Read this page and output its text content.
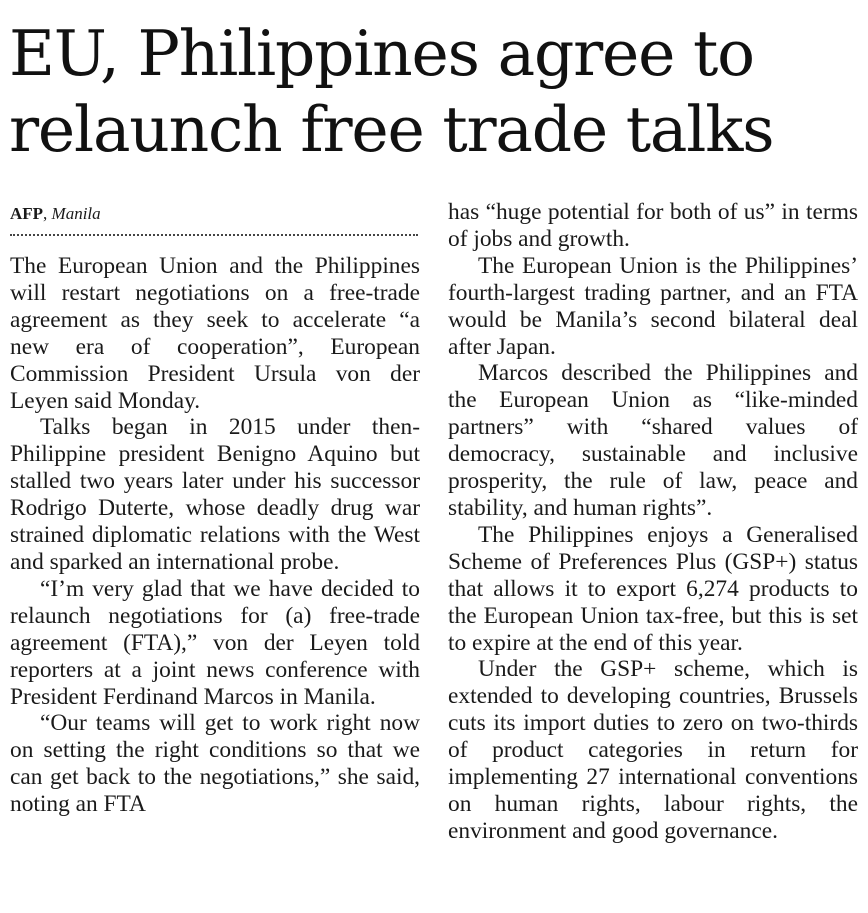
EU, Philippines agree to
relaunch free trade talks
AFP, Manila

The European Union and the Philippines will restart negotiations on a free-trade agreement as they seek to accelerate “a new era of cooperation”, European Commission President Ursula von der Leyen said Monday.

Talks began in 2015 under then-Philippine president Benigno Aquino but stalled two years later under his successor Rodrigo Duterte, whose deadly drug war strained diplomatic relations with the West and sparked an international probe.

“I’m very glad that we have decided to relaunch negotiations for (a) free-trade agreement (FTA),” von der Leyen told reporters at a joint news conference with President Ferdinand Marcos in Manila.

“Our teams will get to work right now on setting the right conditions so that we can get back to the negotiations,” she said, noting an FTA

has “huge potential for both of us” in terms of jobs and growth.

The European Union is the Philippines’ fourth-largest trading partner, and an FTA would be Manila’s second bilateral deal after Japan.

Marcos described the Philippines and the European Union as “like-minded partners” with “shared values of democracy, sustainable and inclusive prosperity, the rule of law, peace and stability, and human rights”.

The Philippines enjoys a Generalised Scheme of Preferences Plus (GSP+) status that allows it to export 6,274 products to the European Union tax-free, but this is set to expire at the end of this year.

Under the GSP+ scheme, which is extended to developing countries, Brussels cuts its import duties to zero on two-thirds of product categories in return for implementing 27 international conventions on human rights, labour rights, the environment and good governance.
